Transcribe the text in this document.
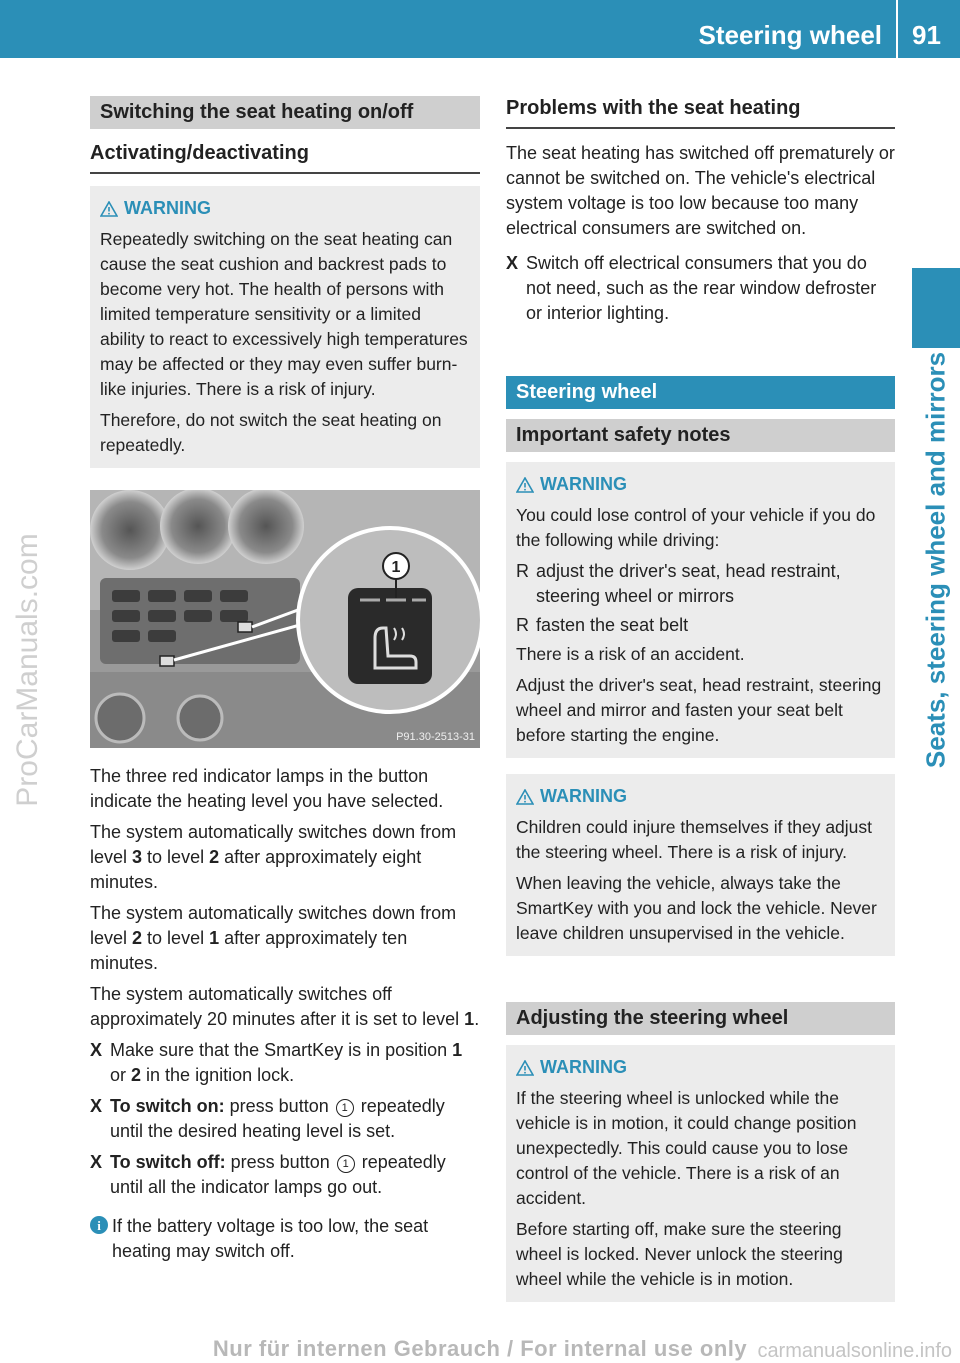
Steering wheel 91
Seats, steering wheel and mirrors
ProCarManuals.com
Switching the seat heating on/off
Activating/deactivating
WARNING

Repeatedly switching on the seat heating can cause the seat cushion and backrest pads to become very hot. The health of persons with limited temperature sensitivity or a limited ability to react to excessively high temperatures may be affected or they may even suffer burn-like injuries. There is a risk of injury.

Therefore, do not switch the seat heating on repeatedly.

1
P91.30-2513-31

The three red indicator lamps in the button indicate the heating level you have selected.

The system automatically switches down from level 3 to level 2 after approximately eight minutes.

The system automatically switches down from level 2 to level 1 after approximately ten minutes.

The system automatically switches off approximately 20 minutes after it is set to level 1.

X Make sure that the SmartKey is in position 1 or 2 in the ignition lock.
X To switch on: press button 1 repeatedly until the desired heating level is set.
X To switch off: press button 1 repeatedly until all the indicator lamps go out.
i If the battery voltage is too low, the seat heating may switch off.
Problems with the seat heating

The seat heating has switched off prematurely or cannot be switched on. The vehicle's electrical system voltage is too low because too many electrical consumers are switched on.

X Switch off electrical consumers that you do not need, such as the rear window defroster or interior lighting.
Steering wheel
Important safety notes
WARNING

You could lose control of your vehicle if you do the following while driving:

R adjust the driver's seat, head restraint, steering wheel or mirrors
R fasten the seat belt

There is a risk of an accident.

Adjust the driver's seat, head restraint, steering wheel and mirror and fasten your seat belt before starting the engine.

WARNING

Children could injure themselves if they adjust the steering wheel. There is a risk of injury.

When leaving the vehicle, always take the SmartKey with you and lock the vehicle. Never leave children unsupervised in the vehicle.

Adjusting the steering wheel
WARNING

If the steering wheel is unlocked while the vehicle is in motion, it could change position unexpectedly. This could cause you to lose control of the vehicle. There is a risk of an accident.

Before starting off, make sure the steering wheel is locked. Never unlock the steering wheel while the vehicle is in motion.

Nur für internen Gebrauch / For internal use only carmanualsonline.info
